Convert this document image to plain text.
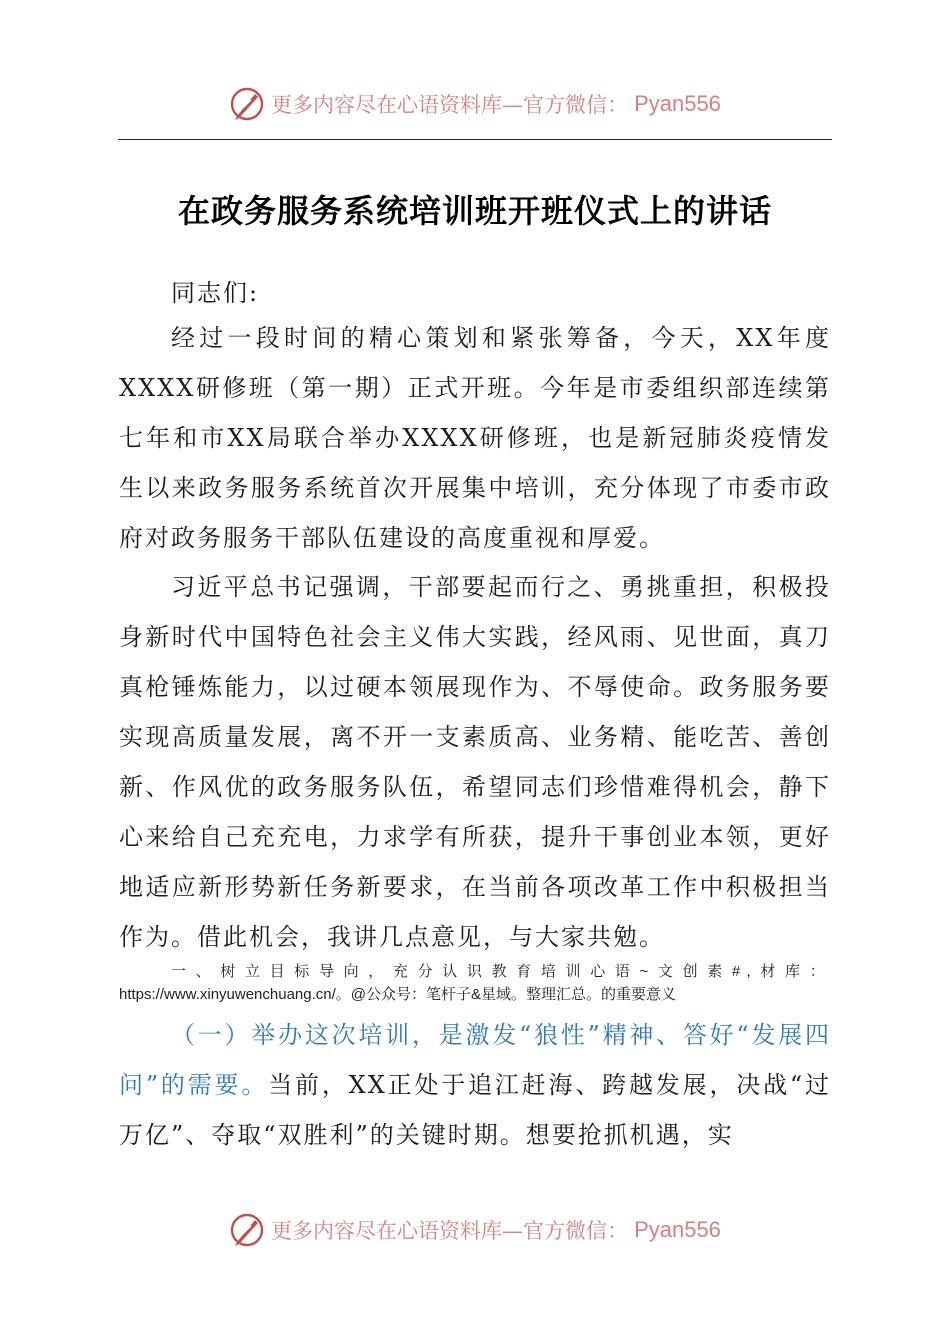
更多内容尽在心语资料库—官方微信： Pyan556
在政务服务系统培训班开班仪式上的讲话

同志们:

经过一段时间的精心策划和紧张筹备，今天，XX年度XXXX研修班（第一期）正式开班。今年是市委组织部连续第七年和市XX局联合举办XXXX研修班，也是新冠肺炎疫情发生以来政务服务系统首次开展集中培训，充分体现了市委市政府对政务服务干部队伍建设的高度重视和厚爱。

习近平总书记强调，干部要起而行之、勇挑重担，积极投身新时代中国特色社会主义伟大实践，经风雨、见世面，真刀真枪锤炼能力，以过硬本领展现作为、不辱使命。政务服务要实现高质量发展，离不开一支素质高、业务精、能吃苦、善创新、作风优的政务服务队伍，希望同志们珍惜难得机会，静下心来给自己充充电，力求学有所获，提升干事创业本领，更好地适应新形势新任务新要求，在当前各项改革工作中积极担当作为。借此机会，我讲几点意见，与大家共勉。

一、树立目标导向，充分认识教育培训心语~文创素#,材库：https://www.xinyuwenchuang.cn/。@公众号：笔杆子&星域。整理汇总。的重要意义

（一）举办这次培训，是激发“狼性”精神、答好“发展四问”的需要。当前，XX正处于追江赶海、跨越发展，决战“过万亿”、夺取“双胜利”的关键时期。想要抢抓机遇，实

更多内容尽在心语资料库—官方微信： Pyan556
